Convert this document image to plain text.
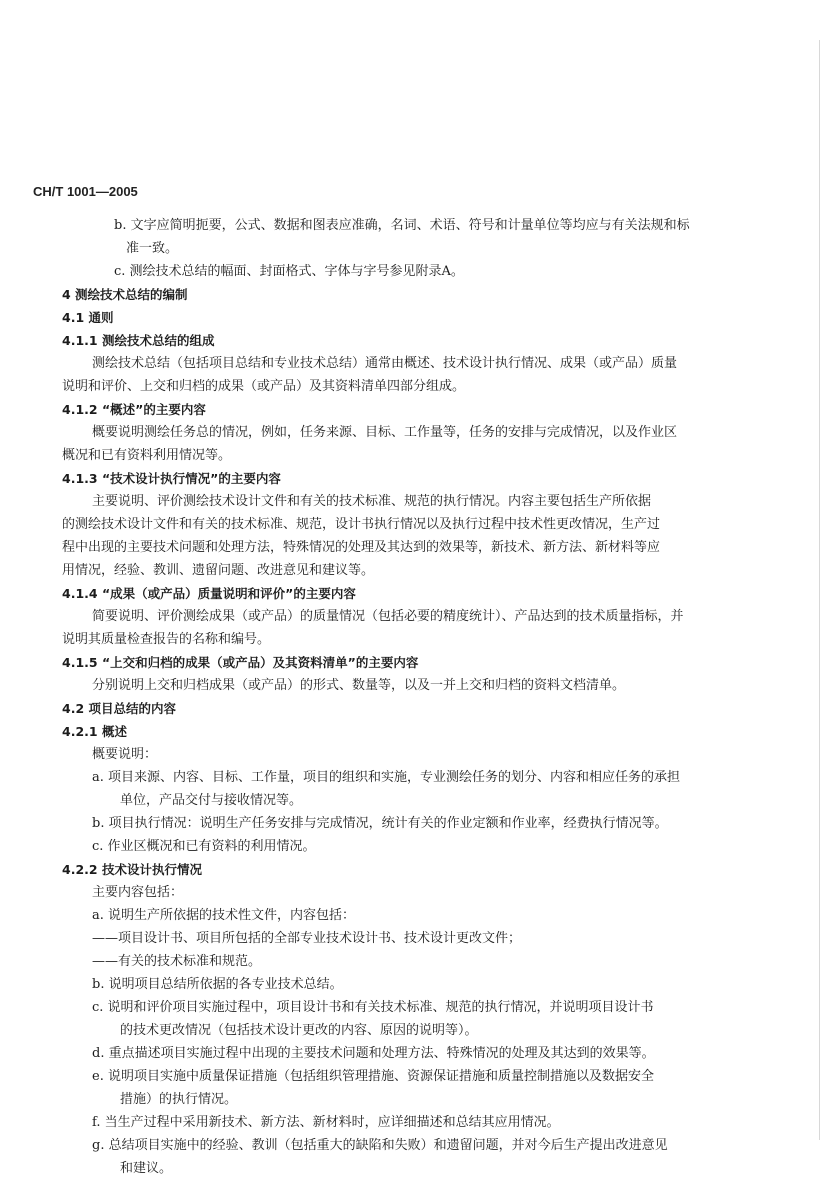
CH/T 1001—2005
b. 文字应简明扼要，公式、数据和图表应准确，名词、术语、符号和计量单位等均应与有关法规和标
准一致。
c. 测绘技术总结的幅面、封面格式、字体与字号参见附录A。
4 测绘技术总结的编制
4.1 通则
4.1.1 测绘技术总结的组成
测绘技术总结（包括项目总结和专业技术总结）通常由概述、技术设计执行情况、成果（或产品）质量
说明和评价、上交和归档的成果（或产品）及其资料清单四部分组成。
4.1.2 “概述”的主要内容
概要说明测绘任务总的情况，例如，任务来源、目标、工作量等，任务的安排与完成情况，以及作业区
概况和已有资料利用情况等。
4.1.3 “技术设计执行情况”的主要内容
主要说明、评价测绘技术设计文件和有关的技术标准、规范的执行情况。内容主要包括生产所依据
的测绘技术设计文件和有关的技术标准、规范，设计书执行情况以及执行过程中技术性更改情况，生产过
程中出现的主要技术问题和处理方法，特殊情况的处理及其达到的效果等，新技术、新方法、新材料等应
用情况，经验、教训、遗留问题、改进意见和建议等。
4.1.4 “成果（或产品）质量说明和评价”的主要内容
简要说明、评价测绘成果（或产品）的质量情况（包括必要的精度统计）、产品达到的技术质量指标，并
说明其质量检查报告的名称和编号。
4.1.5 “上交和归档的成果（或产品）及其资料清单”的主要内容
分别说明上交和归档成果（或产品）的形式、数量等，以及一并上交和归档的资料文档清单。
4.2 项目总结的内容
4.2.1 概述
概要说明：
a. 项目来源、内容、目标、工作量，项目的组织和实施，专业测绘任务的划分、内容和相应任务的承担
单位，产品交付与接收情况等。
b. 项目执行情况：说明生产任务安排与完成情况，统计有关的作业定额和作业率，经费执行情况等。
c. 作业区概况和已有资料的利用情况。
4.2.2 技术设计执行情况
主要内容包括：
a. 说明生产所依据的技术性文件，内容包括：
——项目设计书、项目所包括的全部专业技术设计书、技术设计更改文件；
——有关的技术标准和规范。
b. 说明项目总结所依据的各专业技术总结。
c. 说明和评价项目实施过程中，项目设计书和有关技术标准、规范的执行情况，并说明项目设计书
的技术更改情况（包括技术设计更改的内容、原因的说明等）。
d. 重点描述项目实施过程中出现的主要技术问题和处理方法、特殊情况的处理及其达到的效果等。
e. 说明项目实施中质量保证措施（包括组织管理措施、资源保证措施和质量控制措施以及数据安全
措施）的执行情况。
f. 当生产过程中采用新技术、新方法、新材料时，应详细描述和总结其应用情况。
g. 总结项目实施中的经验、教训（包括重大的缺陷和失败）和遗留问题，并对今后生产提出改进意见
和建议。
